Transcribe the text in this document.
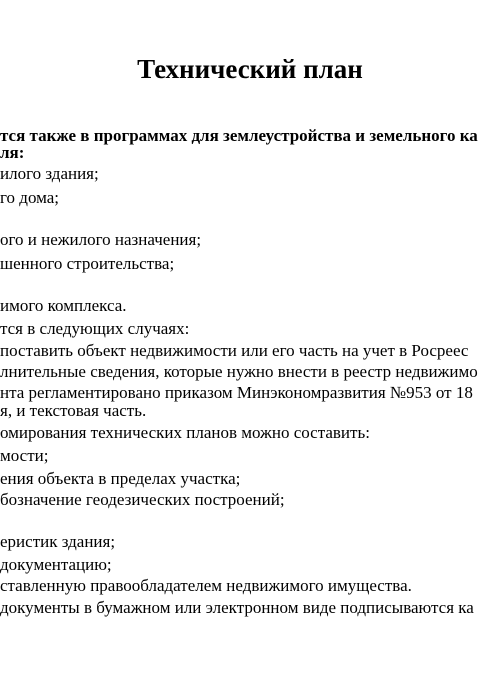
Технический план
тся также в программах для землеустройства и земельного ка
ля:
илого здания;
го дома;
ого и нежилого назначения;
шенного строительства;
имого комплекса.
тся в следующих случаях:
поставить объект недвижимости или его часть на учет в Росреес
лнительные сведения, которые нужно внести в реестр недвижимо
нта регламентировано приказом Минэкономразвития №953 от 18
я, и текстовая часть.
омирования технических планов можно составить:
мости;
ения объекта в пределах участка;
бозначение геодезических построений;
еристик здания;
документацию;
ставленную правообладателем недвижимого имущества.
документы в бумажном или электронном виде подписываются ка
